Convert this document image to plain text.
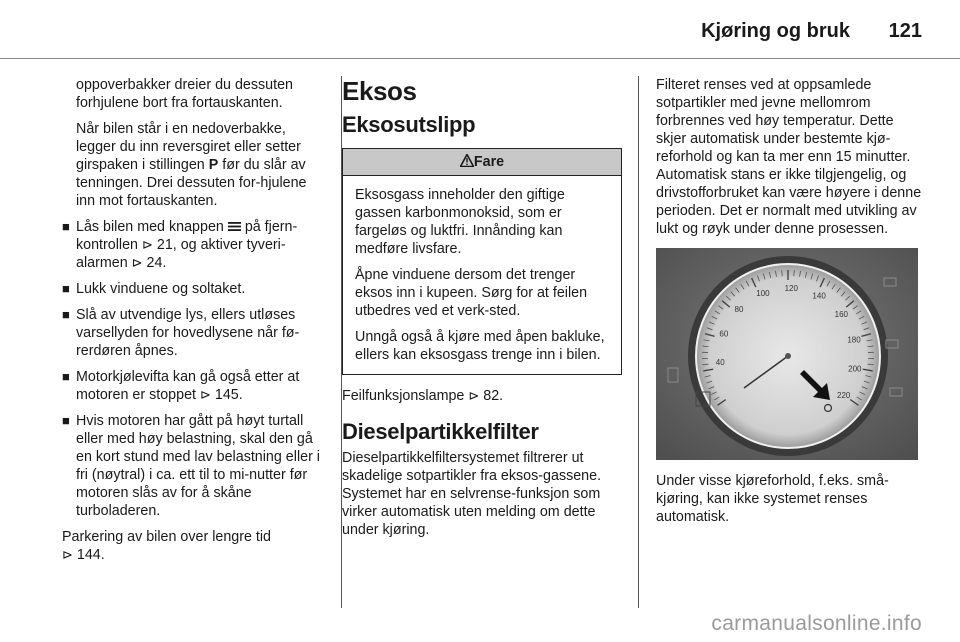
Kjøring og bruk 121

oppoverbakker dreier du dessuten forhjulene bort fra fortauskanten.

Når bilen står i en nedoverbakke, legger du inn reversgiret eller setter girspaken i stillingen P før du slår av tenningen. Drei dessuten for-hjulene inn mot fortauskanten.

■ Lås bilen med knappen på fjern-kontrollen ⊳ 21, og aktiver tyveri-alarmen ⊳ 24.
■ Lukk vinduene og soltaket.
■ Slå av utvendige lys, ellers utløses varsellyden for hovedlysene når fø-rerdøren åpnes.
■ Motorkjølevifta kan gå også etter at motoren er stoppet ⊳ 145.
■ Hvis motoren har gått på høyt turtall eller med høy belastning, skal den gå en kort stund med lav belastning eller i fri (nøytral) i ca. ett til to mi-nutter før motoren slås av for å skåne turboladeren.

Parkering av bilen over lengre tid
⊳ 144.

Eksos
Eksosutslipp
Fare

Eksosgass inneholder den giftige gassen karbonmonoksid, som er fargeløs og luktfri. Innånding kan medføre livsfare.

Åpne vinduene dersom det trenger eksos inn i kupeen. Sørg for at feilen utbedres ved et verk-sted.

Unngå også å kjøre med åpen bakluke, ellers kan eksosgass trenge inn i bilen.

Feilfunksjonslampe ⊳ 82.

Dieselpartikkelfilter

Dieselpartikkelfiltersystemet filtrerer ut skadelige sotpartikler fra eksos-gassene. Systemet har en selvrense-funksjon som virker automatisk uten melding om dette under kjøring.

Filteret renses ved at oppsamlede sotpartikler med jevne mellomrom forbrennes ved høy temperatur. Dette skjer automatisk under bestemte kjø-reforhold og kan ta mer enn 15 minutter. Automatisk stans er ikke tilgjengelig, og drivstofforbruket kan være høyere i denne perioden. Det er normalt med utvikling av lukt og røyk under denne prosessen.

40
60
80
100
120
140
160
180
200
220

Under visse kjøreforhold, f.eks. små-kjøring, kan ikke systemet renses automatisk.

carmanualsonline.info
